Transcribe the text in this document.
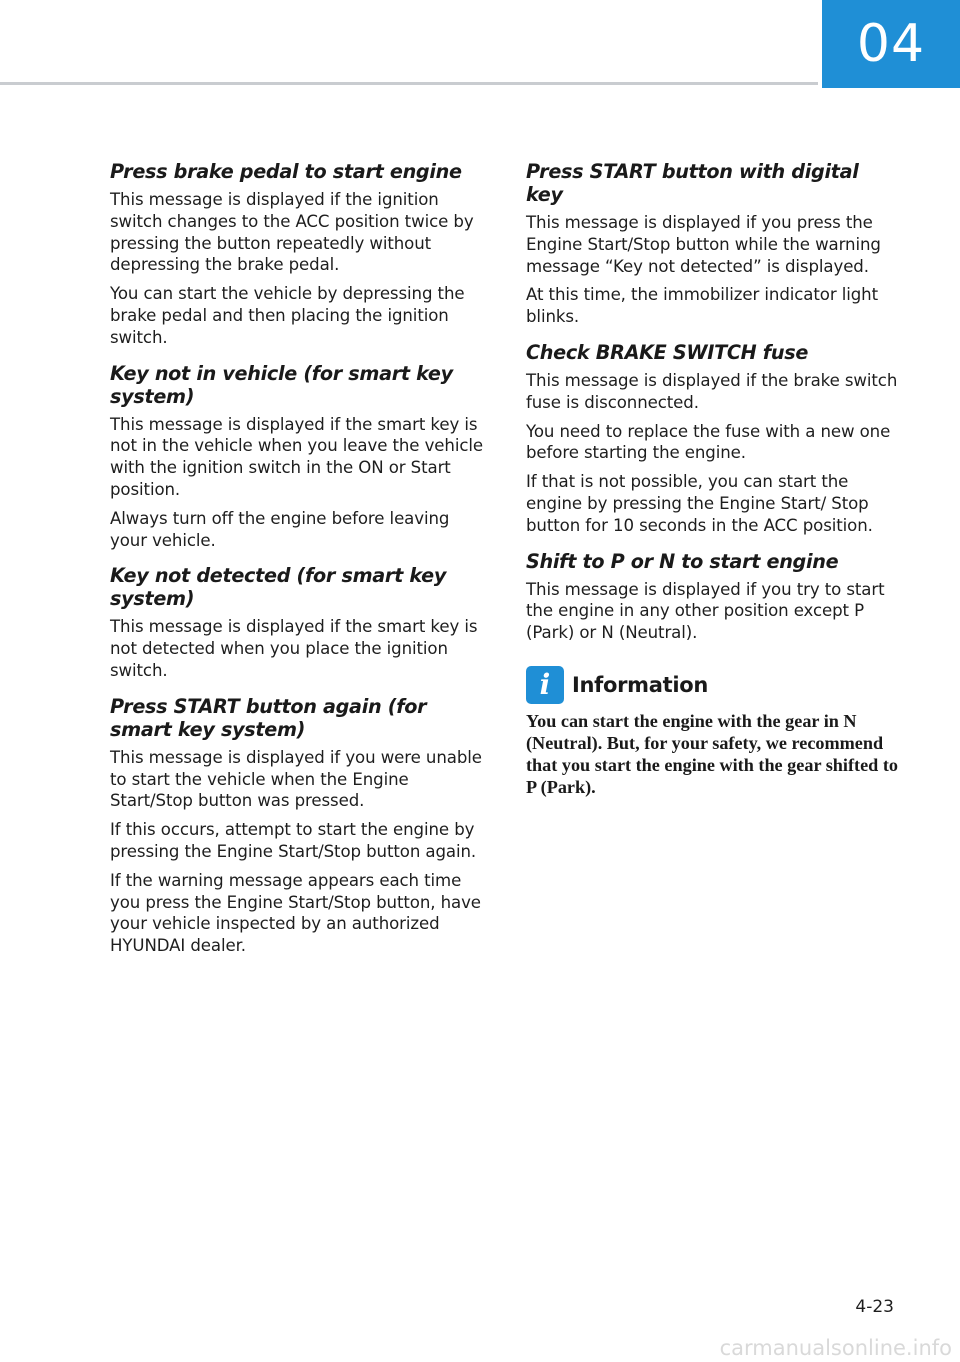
04
Press brake pedal to start engine

This message is displayed if the ignition switch changes to the ACC position twice by pressing the button repeatedly without depressing the brake pedal.

You can start the vehicle by depressing the brake pedal and then placing the ignition switch.

Key not in vehicle (for smart key system)

This message is displayed if the smart key is not in the vehicle when you leave the vehicle with the ignition switch in the ON or Start position.

Always turn off the engine before leaving your vehicle.

Key not detected (for smart key system)

This message is displayed if the smart key is not detected when you place the ignition switch.

Press START button again (for smart key system)

This message is displayed if you were unable to start the vehicle when the Engine Start/Stop button was pressed.

If this occurs, attempt to start the engine by pressing the Engine Start/Stop button again.

If the warning message appears each time you press the Engine Start/Stop button, have your vehicle inspected by an authorized HYUNDAI dealer.

Press START button with digital key

This message is displayed if you press the Engine Start/Stop button while the warning message “Key not detected” is displayed.

At this time, the immobilizer indicator light blinks.

Check BRAKE SWITCH fuse

This message is displayed if the brake switch fuse is disconnected.

You need to replace the fuse with a new one before starting the engine.

If that is not possible, you can start the engine by pressing the Engine Start/ Stop button for 10 seconds in the ACC position.

Shift to P or N to start engine

This message is displayed if you try to start the engine in any other position except P (Park) or N (Neutral).

i	Information

You can start the engine with the gear in N (Neutral). But, for your safety, we recommend that you start the engine with the gear shifted to P (Park).

4-23
carmanualsonline.info
